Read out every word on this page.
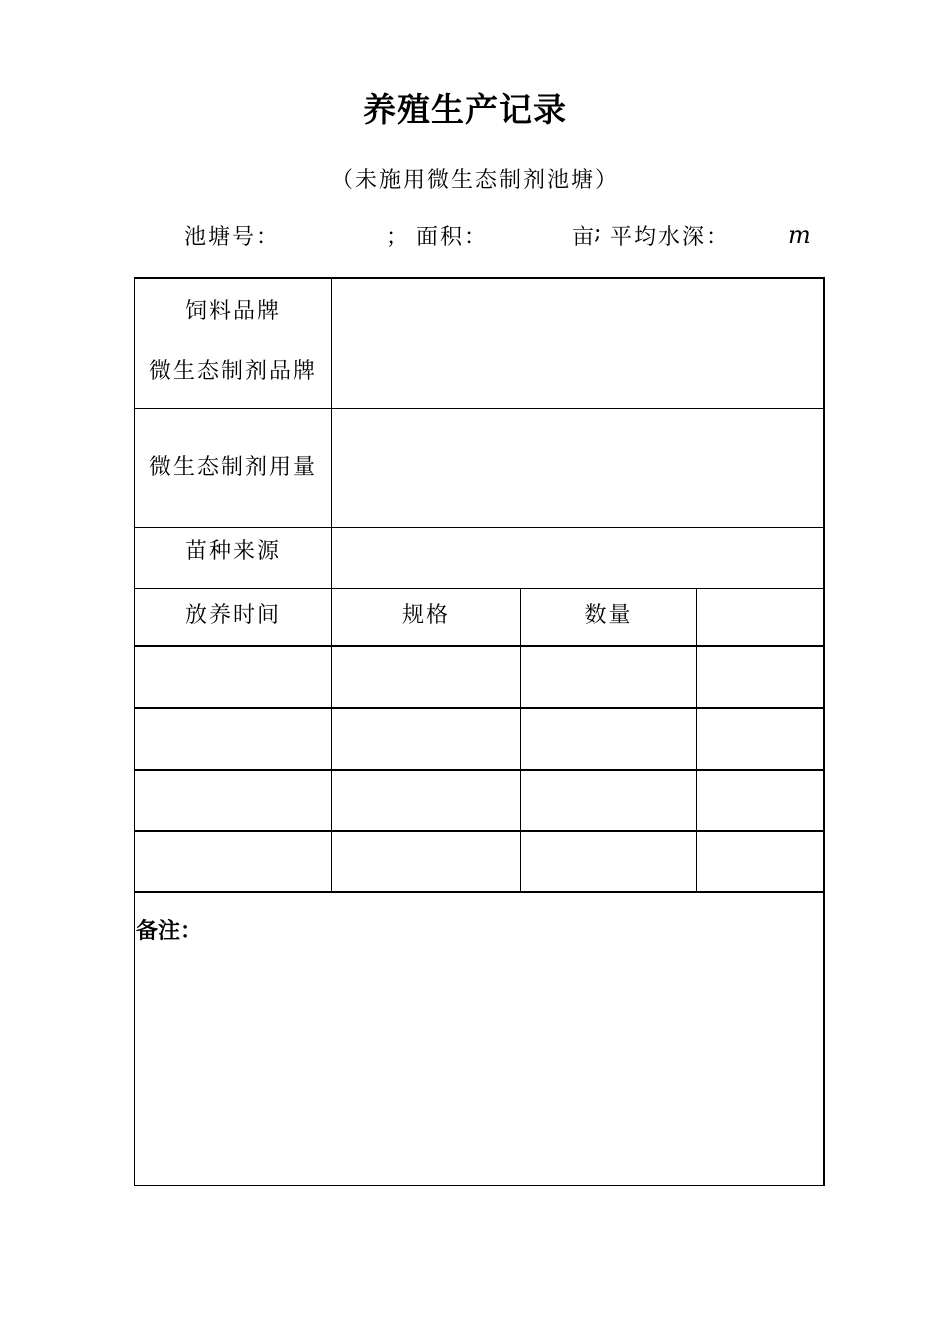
养殖生产记录
（未施用微生态制剂池塘）
池塘号：	； 面积：	亩
; 平均水深： m
饲料品牌
微生态制剂品牌
微生态制剂用量
苗种来源
放养时间	规格	数量
备注：
